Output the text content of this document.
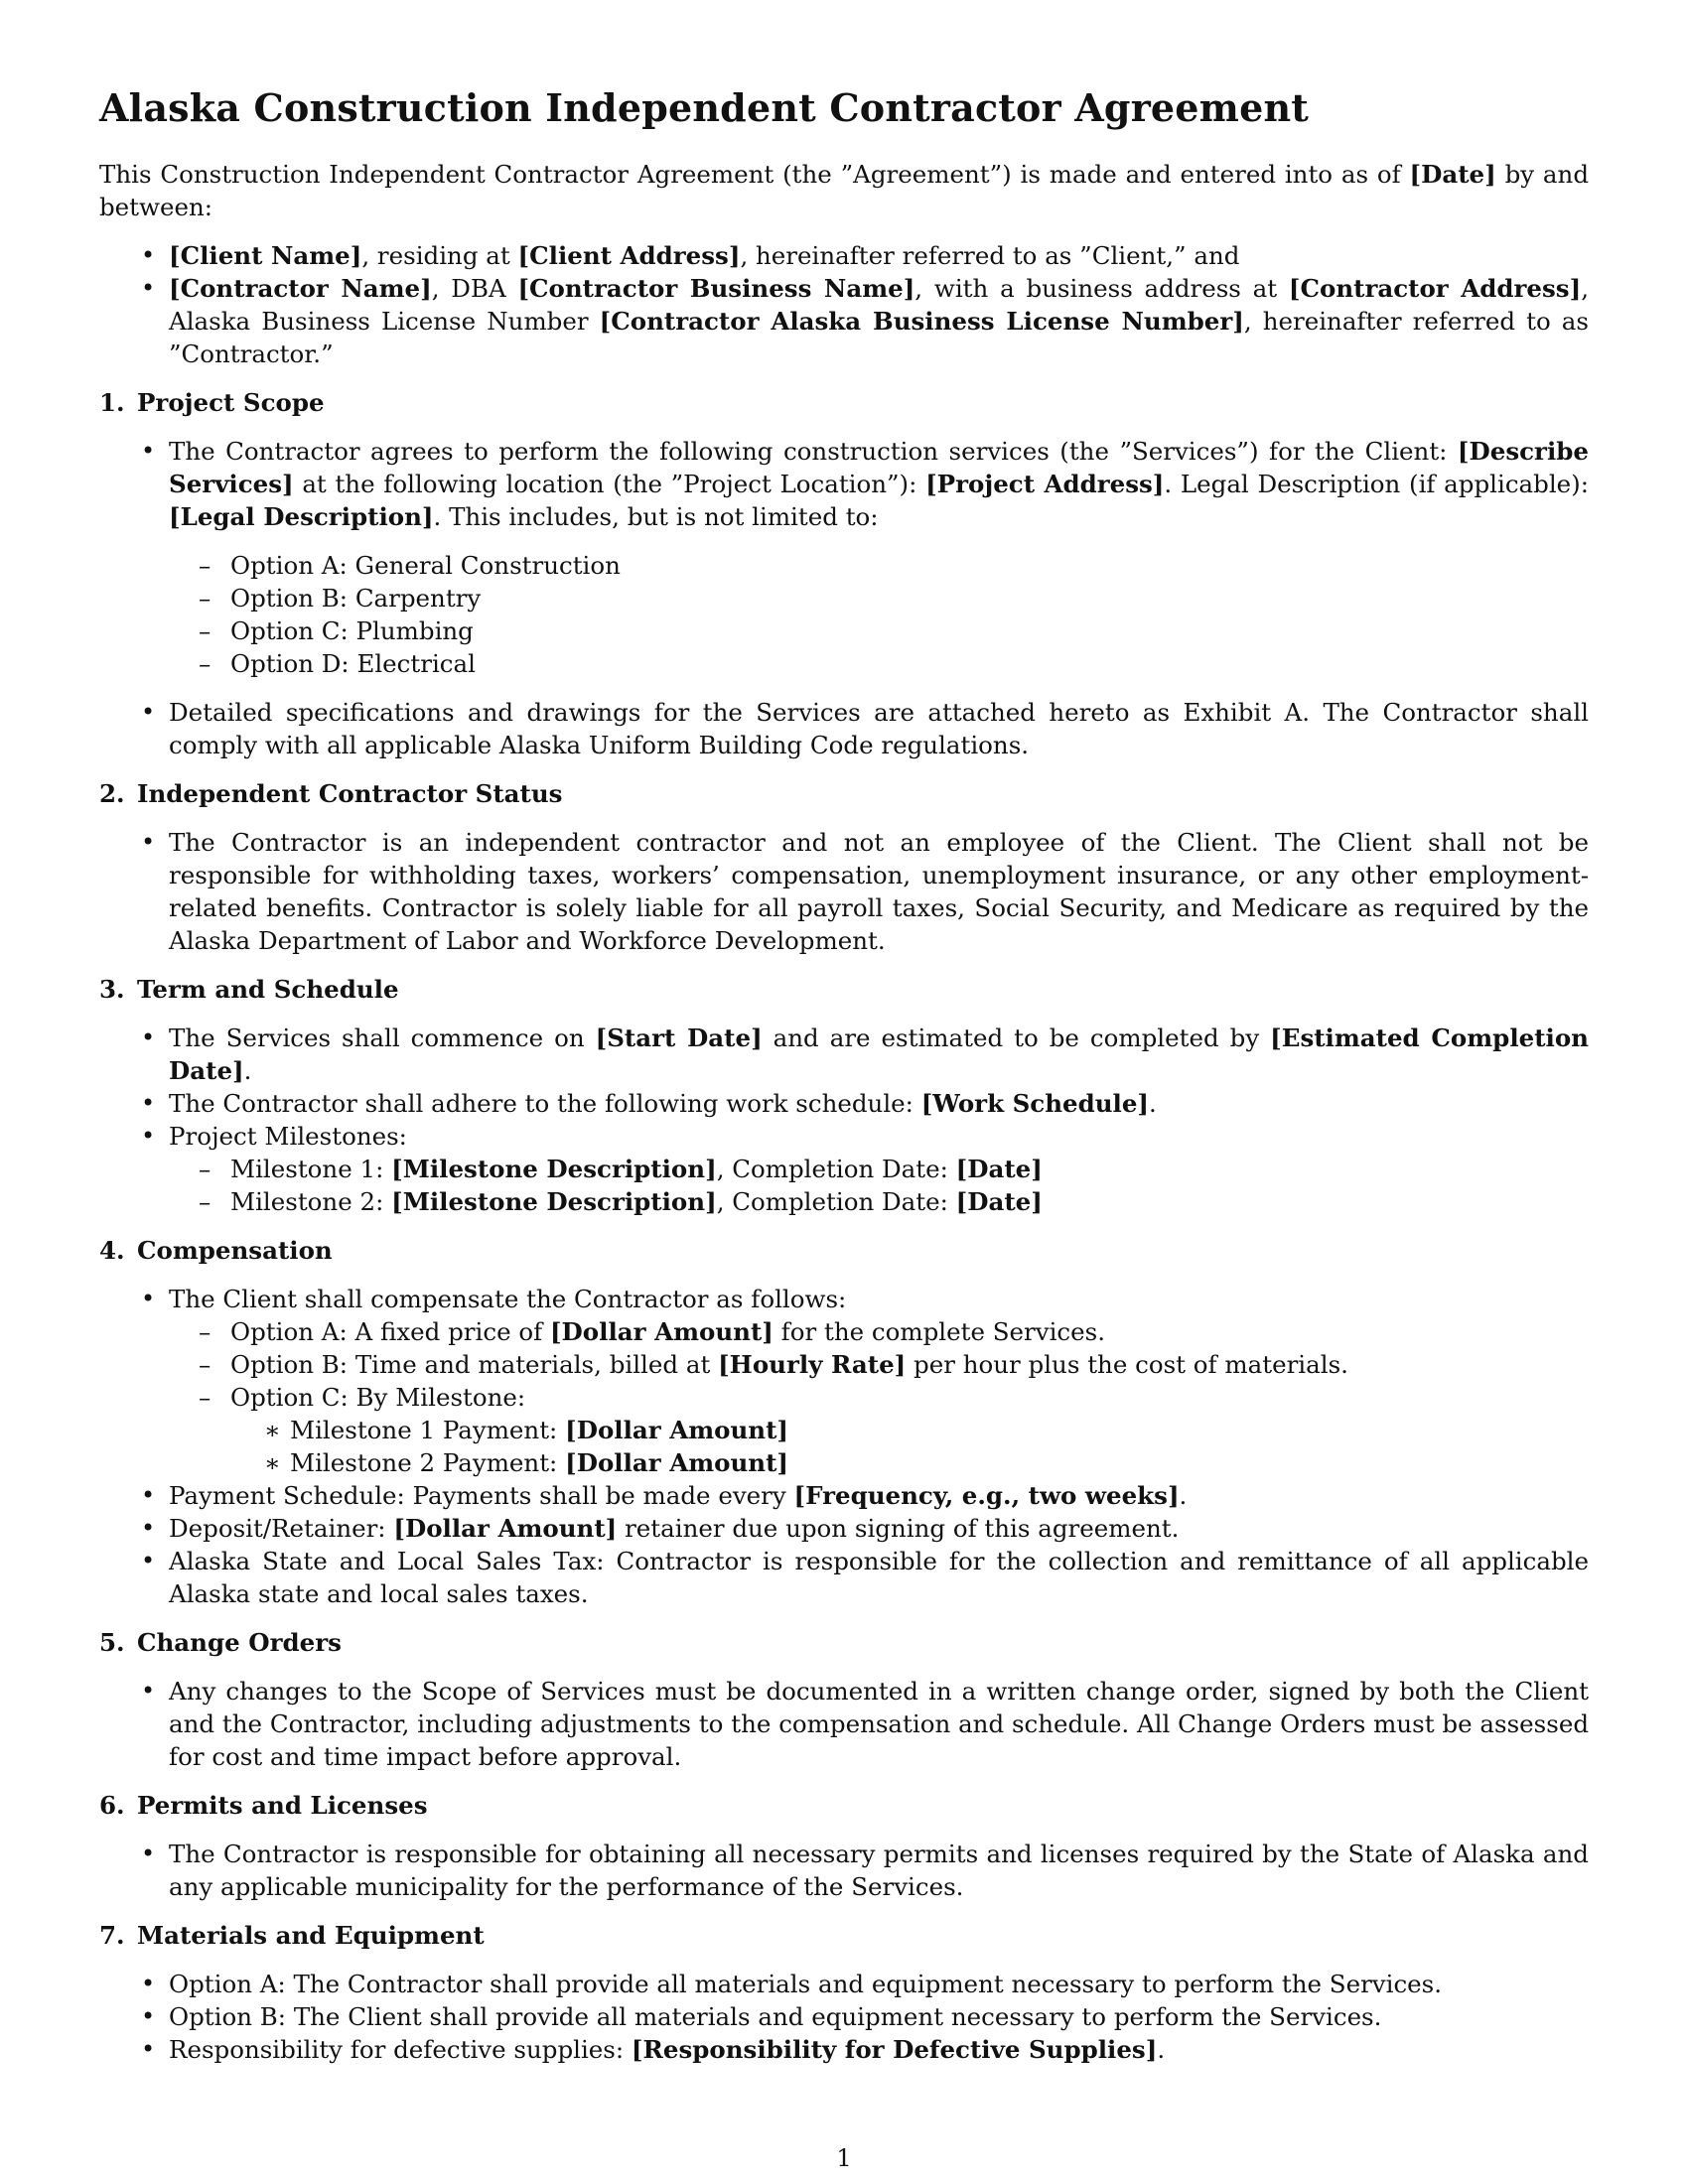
Alaska Construction Independent Contractor Agreement

This Construction Independent Contractor Agreement (the ”Agreement”) is made and entered into as of [Date] by and between:

• [Client Name], residing at [Client Address], hereinafter referred to as ”Client,” and
• [Contractor Name], DBA [Contractor Business Name], with a business address at [Contractor Address], Alaska Business License Number [Contractor Alaska Business License Number], hereinafter referred to as ”Contractor.”
1. Project Scope
• The Contractor agrees to perform the following construction services (the ”Services”) for the Client: [Describe Services] at the following location (the ”Project Location”): [Project Address]. Legal Description (if applicable): [Legal Description]. This includes, but is not limited to:
– Option A: General Construction
– Option B: Carpentry
– Option C: Plumbing
– Option D: Electrical
• Detailed specifications and drawings for the Services are attached hereto as Exhibit A. The Contractor shall comply with all applicable Alaska Uniform Building Code regulations.
2. Independent Contractor Status
• The Contractor is an independent contractor and not an employee of the Client. The Client shall not be responsible for withholding taxes, workers’ compensation, unemployment insurance, or any other employment-related benefits. Contractor is solely liable for all payroll taxes, Social Security, and Medicare as required by the Alaska Department of Labor and Workforce Development.
3. Term and Schedule
• The Services shall commence on [Start Date] and are estimated to be completed by [Estimated Completion Date].
• The Contractor shall adhere to the following work schedule: [Work Schedule].
• Project Milestones:
– Milestone 1: [Milestone Description], Completion Date: [Date]
– Milestone 2: [Milestone Description], Completion Date: [Date]
4. Compensation
• The Client shall compensate the Contractor as follows:
– Option A: A fixed price of [Dollar Amount] for the complete Services.
– Option B: Time and materials, billed at [Hourly Rate] per hour plus the cost of materials.
– Option C: By Milestone:
∗ Milestone 1 Payment: [Dollar Amount]
∗ Milestone 2 Payment: [Dollar Amount]
• Payment Schedule: Payments shall be made every [Frequency, e.g., two weeks].
• Deposit/Retainer: [Dollar Amount] retainer due upon signing of this agreement.
• Alaska State and Local Sales Tax: Contractor is responsible for the collection and remittance of all applicable Alaska state and local sales taxes.
5. Change Orders
• Any changes to the Scope of Services must be documented in a written change order, signed by both the Client and the Contractor, including adjustments to the compensation and schedule. All Change Orders must be assessed for cost and time impact before approval.
6. Permits and Licenses
• The Contractor is responsible for obtaining all necessary permits and licenses required by the State of Alaska and any applicable municipality for the performance of the Services.
7. Materials and Equipment
• Option A: The Contractor shall provide all materials and equipment necessary to perform the Services.
• Option B: The Client shall provide all materials and equipment necessary to perform the Services.
• Responsibility for defective supplies: [Responsibility for Defective Supplies].
1
